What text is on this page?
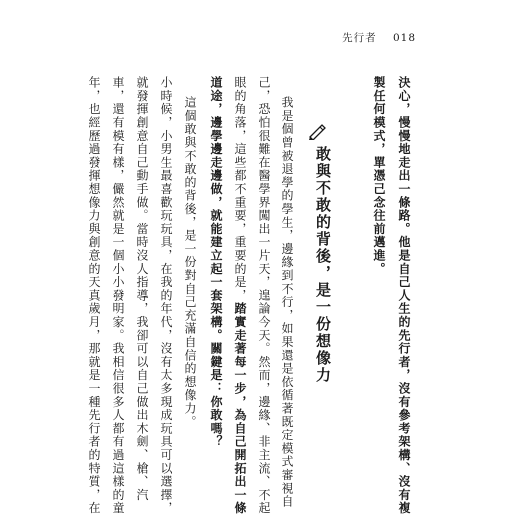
先行者 018
決心，慢慢地走出一條路。他是自己人生的先行者，沒有參考架構、沒有複
製任何模式，單憑己念往前邁進。
敢與不敢的背後，是一份想像力
我是個曾被退學的學生，邊緣到不行，如果還是依循著既定模式審視自
己，恐怕很難在醫學界闖出一片天，遑論今天。然而，邊緣、非主流、不起
眼的角落，這些都不重要，重要的是，踏實走著每一步，為自己開拓出一條
道途，邊學邊走邊做，就能建立起一套架構。關鍵是：你敢嗎？
這個敢與不敢的背後，是一份對自己充滿自信的想像力。
小時候，小男生最喜歡玩玩具，在我的年代，沒有太多現成玩具可以選擇，
就發揮創意自己動手做。當時沒人指導，我卻可以自己做出木劍、槍、汽
車，還有模有樣，儼然就是一個小小發明家。我相信很多人都有過這樣的童
年，也經歷過發揮想像力與創意的天真歲月，那就是一種先行者的特質，在
